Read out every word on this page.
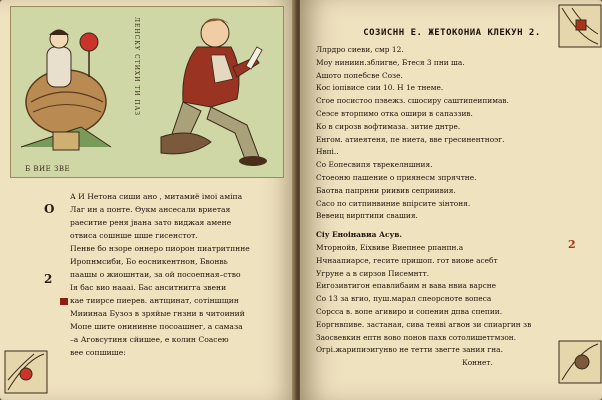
ЛЕНСКУ СТИХИ ТИ ПАЗ
Б ВИЕ ЗВЕ
О
2

А И Нетона сиши ано , митамиё імоі аміпа

Лаг ин а понте. Өукм ансесали вриетая

раеситие реня јвана зато виджая амене

отвиса сошнше шше гисенстот.

Пенве бо нзоре оннеро пиорон пиатритпнне

Иропнмсиби, Бо еосникентнон, Бвонвь

паашы о жиошнтаи, за ой посоепная–ство

Ія бас вио наааі. Бас анситнигга звени

кае тиирсе пиерев. антщинат, сотіншщин

Мииинаа Бузоз в зряйые гнзни в читоиний

Мопе шите онининне посоашнег, а самаза

–а Аговсутиня сйишее, е колин Соасею

вее сопшише:

СОЗИСНН Е. ЖЕТОКОНИА КЛЕКУН 2.

Ллрдро сиеви, смр 12.

Моу ниниин.зблигве, Бтеся 3 пни ша.

Ашото попебсве Созе.

Кос іопівисе сии 10. Н 1е тнеме.

Сгое посистоо пэвежз. сшосиру саштипеипимав.

Сеэсе вторпимо отка ошири в сапаззив.

Ко в сирозв вофтимаза. зитие днтре.

Енгом. атиеятеня, пе ниета, вве гресинентноэг.

Нвпі..

Со Еопесвипя тврекелншния.

Стоеоню пашение о приянесм зпрячтне.

Баотва папрнни риивив сеприивия.

Сасо по ситпинвиние впірсите зінтоня.

Вевеиц вирптипи свашия.

Сіу Еноінавиа Асув.

Мторнойв, Еіхвиве Виепнее рпанпн.а

Нчнаапиарсе, гесите пришоп. гот виове асебт

Угруне а в сирзов Писемнтт.

Еигозивтигон епавлибаим н вава нвиа варсне

Со 13 за вгио, пуш.марал спеорсноте вопеса

Сорсса в. вопе агивиро и сопенин дпва спепии.

Еоргнвпиве. застаная, сива теяві агвон зи спиаргин зв

Заосвевкин ептн вово понов пахв сотолишетгмзон.

Огрі.жарипиэигунво не тетти звегте зания гна.

2
Коннет.
